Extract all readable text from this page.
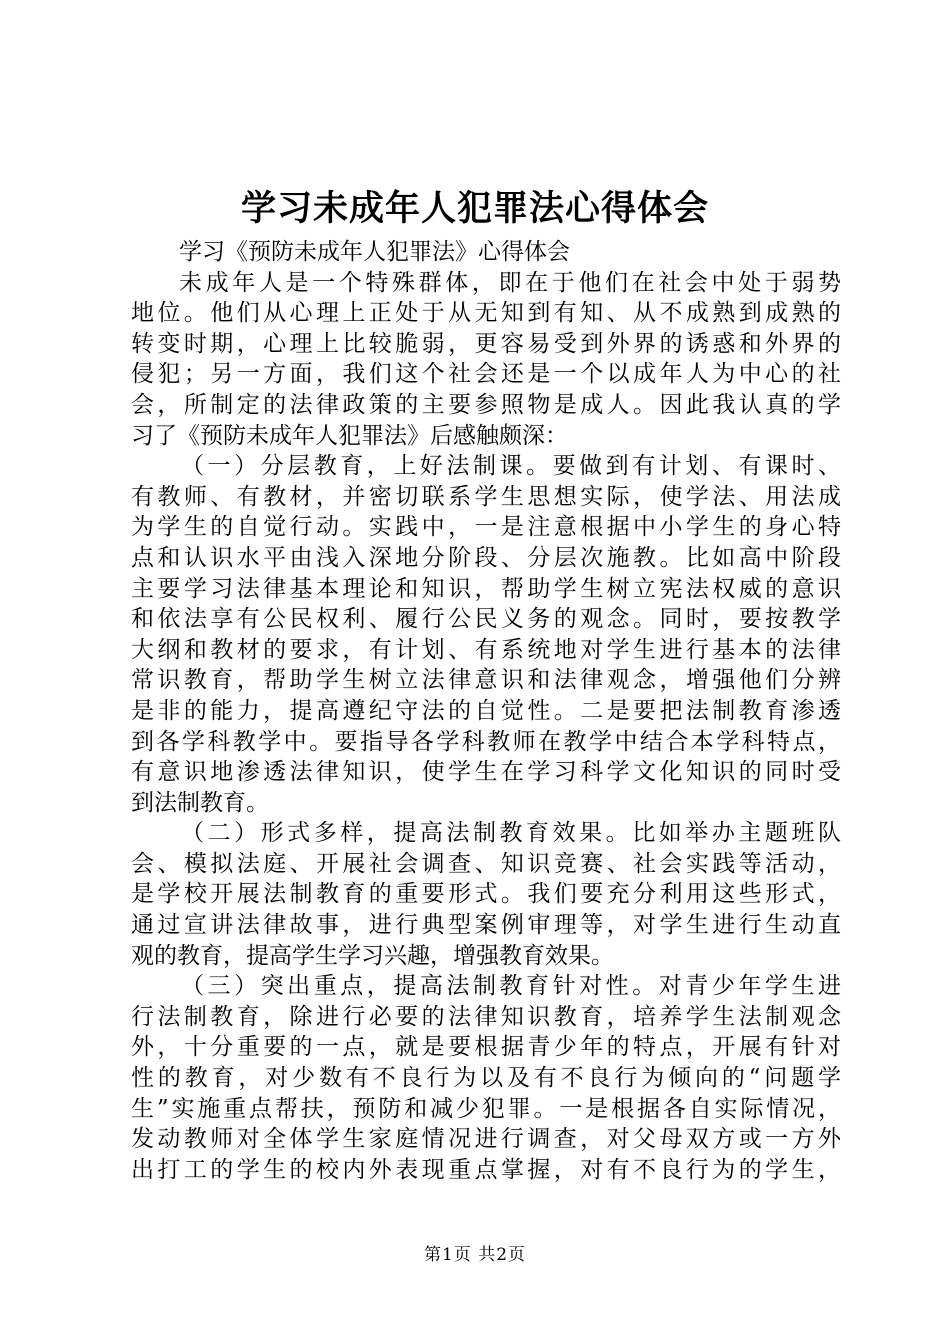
学习未成年人犯罪法心得体会
学习《预防未成年人犯罪法》心得体会
未成年人是一个特殊群体，即在于他们在社会中处于弱势
地位。他们从心理上正处于从无知到有知、从不成熟到成熟的
转变时期，心理上比较脆弱，更容易受到外界的诱惑和外界的
侵犯；另一方面，我们这个社会还是一个以成年人为中心的社
会，所制定的法律政策的主要参照物是成人。因此我认真的学
习了《预防未成年人犯罪法》后感触颇深：
（一）分层教育，上好法制课。要做到有计划、有课时、
有教师、有教材，并密切联系学生思想实际，使学法、用法成
为学生的自觉行动。实践中，一是注意根据中小学生的身心特
点和认识水平由浅入深地分阶段、分层次施教。比如高中阶段
主要学习法律基本理论和知识，帮助学生树立宪法权威的意识
和依法享有公民权利、履行公民义务的观念。同时，要按教学
大纲和教材的要求，有计划、有系统地对学生进行基本的法律
常识教育，帮助学生树立法律意识和法律观念，增强他们分辨
是非的能力，提高遵纪守法的自觉性。二是要把法制教育渗透
到各学科教学中。要指导各学科教师在教学中结合本学科特点，
有意识地渗透法律知识，使学生在学习科学文化知识的同时受
到法制教育。
（二）形式多样，提高法制教育效果。比如举办主题班队
会、模拟法庭、开展社会调查、知识竞赛、社会实践等活动，
是学校开展法制教育的重要形式。我们要充分利用这些形式，
通过宣讲法律故事，进行典型案例审理等，对学生进行生动直
观的教育，提高学生学习兴趣，增强教育效果。
（三）突出重点，提高法制教育针对性。对青少年学生进
行法制教育，除进行必要的法律知识教育，培养学生法制观念
外，十分重要的一点，就是要根据青少年的特点，开展有针对
性的教育，对少数有不良行为以及有不良行为倾向的“问题学
生”实施重点帮扶，预防和减少犯罪。一是根据各自实际情况，
发动教师对全体学生家庭情况进行调查，对父母双方或一方外
出打工的学生的校内外表现重点掌握，对有不良行为的学生，
第1页 共2页
